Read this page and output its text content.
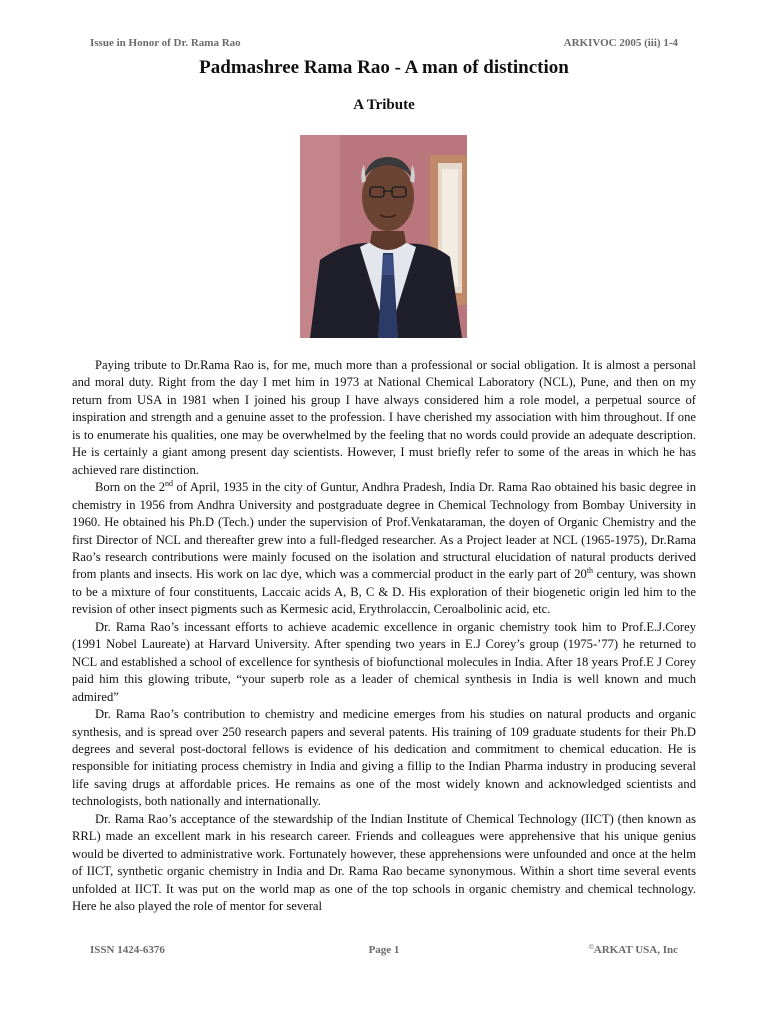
Issue in Honor of Dr. Rama Rao	ARKIVOC 2005 (iii) 1-4
Padmashree Rama Rao - A man of distinction
A Tribute

Paying tribute to Dr.Rama Rao is, for me, much more than a professional or social obligation. It is almost a personal and moral duty. Right from the day I met him in 1973 at National Chemical Laboratory (NCL), Pune, and then on my return from USA in 1981 when I joined his group I have always considered him a role model, a perpetual source of inspiration and strength and a genuine asset to the profession. I have cherished my association with him throughout. If one is to enumerate his qualities, one may be overwhelmed by the feeling that no words could provide an adequate description. He is certainly a giant among present day scientists. However, I must briefly refer to some of the areas in which he has achieved rare distinction.

Born on the 2nd of April, 1935 in the city of Guntur, Andhra Pradesh, India Dr. Rama Rao obtained his basic degree in chemistry in 1956 from Andhra University and postgraduate degree in Chemical Technology from Bombay University in 1960. He obtained his Ph.D (Tech.) under the supervision of Prof.Venkataraman, the doyen of Organic Chemistry and the first Director of NCL and thereafter grew into a full-fledged researcher. As a Project leader at NCL (1965-1975), Dr.Rama Rao’s research contributions were mainly focused on the isolation and structural elucidation of natural products derived from plants and insects. His work on lac dye, which was a commercial product in the early part of 20th century, was shown to be a mixture of four constituents, Laccaic acids A, B, C & D. His exploration of their biogenetic origin led him to the revision of other insect pigments such as Kermesic acid, Erythrolaccin, Ceroalbolinic acid, etc.

Dr. Rama Rao’s incessant efforts to achieve academic excellence in organic chemistry took him to Prof.E.J.Corey (1991 Nobel Laureate) at Harvard University. After spending two years in E.J Corey’s group (1975-’77) he returned to NCL and established a school of excellence for synthesis of biofunctional molecules in India. After 18 years Prof.E J Corey paid him this glowing tribute, “your superb role as a leader of chemical synthesis in India is well known and much admired”

Dr. Rama Rao’s contribution to chemistry and medicine emerges from his studies on natural products and organic synthesis, and is spread over 250 research papers and several patents. His training of 109 graduate students for their Ph.D degrees and several post-doctoral fellows is evidence of his dedication and commitment to chemical education. He is responsible for initiating process chemistry in India and giving a fillip to the Indian Pharma industry in producing several life saving drugs at affordable prices. He remains as one of the most widely known and acknowledged scientists and technologists, both nationally and internationally.

Dr. Rama Rao’s acceptance of the stewardship of the Indian Institute of Chemical Technology (IICT) (then known as RRL) made an excellent mark in his research career. Friends and colleagues were apprehensive that his unique genius would be diverted to administrative work. Fortunately however, these apprehensions were unfounded and once at the helm of IICT, synthetic organic chemistry in India and Dr. Rama Rao became synonymous. Within a short time several events unfolded at IICT. It was put on the world map as one of the top schools in organic chemistry and chemical technology. Here he also played the role of mentor for several

ISSN 1424-6376	Page 1	©ARKAT USA, Inc
